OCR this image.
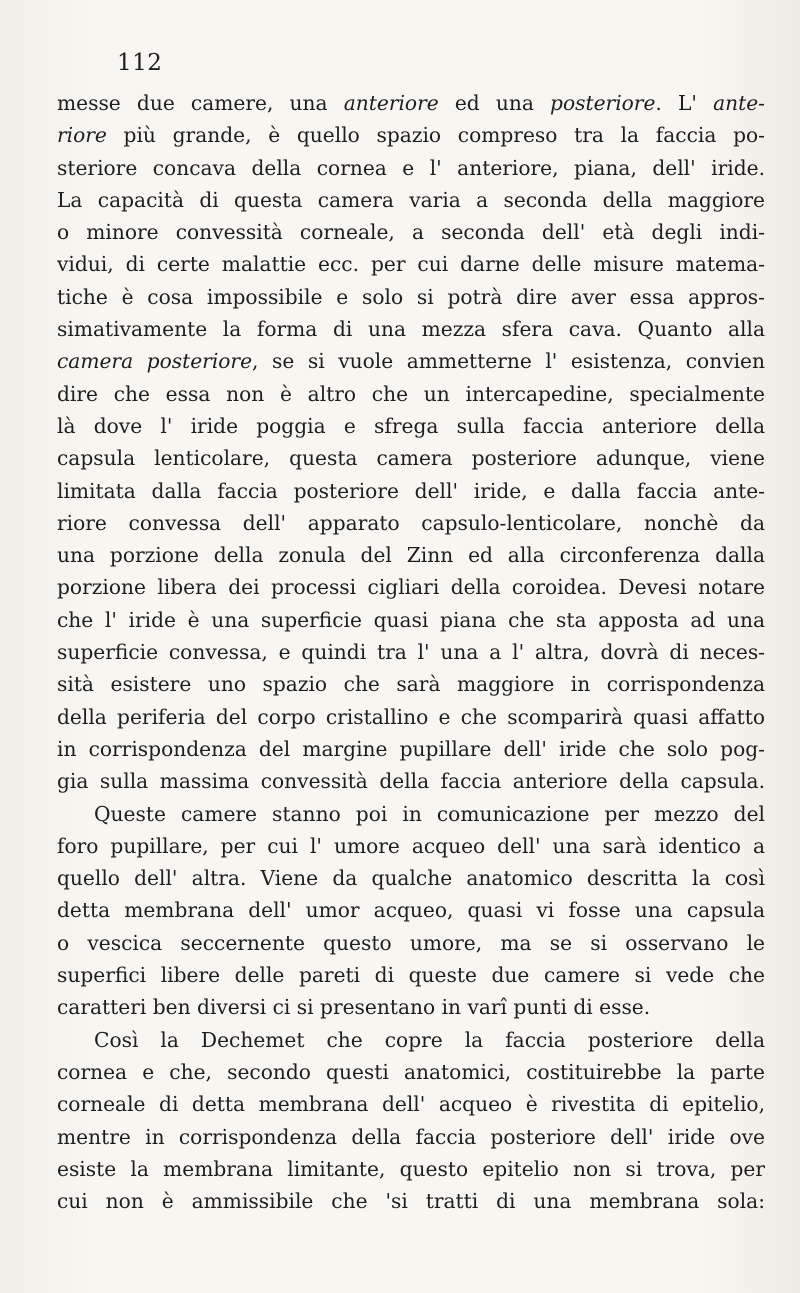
112
messe due camere, una anteriore ed una posteriore. L' ante-
riore più grande, è quello spazio compreso tra la faccia po-
steriore concava della cornea e l' anteriore, piana, dell' iride.
La capacità di questa camera varia a seconda della maggiore
o minore convessità corneale, a seconda dell' età degli indi-
vidui, di certe malattie ecc. per cui darne delle misure matema-
tiche è cosa impossibile e solo si potrà dire aver essa appros-
simativamente la forma di una mezza sfera cava. Quanto alla
camera posteriore, se si vuole ammetterne l' esistenza, convien
dire che essa non è altro che un intercapedine, specialmente
là dove l' iride poggia e sfrega sulla faccia anteriore della
capsula lenticolare, questa camera posteriore adunque, viene
limitata dalla faccia posteriore dell' iride, e dalla faccia ante-
riore convessa dell' apparato capsulo-lenticolare, nonchè da
una porzione della zonula del Zinn ed alla circonferenza dalla
porzione libera dei processi cigliari della coroidea. Devesi notare
che l' iride è una superficie quasi piana che sta apposta ad una
superficie convessa, e quindi tra l' una a l' altra, dovrà di neces-
sità esistere uno spazio che sarà maggiore in corrispondenza
della periferia del corpo cristallino e che scomparirà quasi affatto
in corrispondenza del margine pupillare dell' iride che solo pog-
gia sulla massima convessità della faccia anteriore della capsula.
Queste camere stanno poi in comunicazione per mezzo del
foro pupillare, per cui l' umore acqueo dell' una sarà identico a
quello dell' altra. Viene da qualche anatomico descritta la così
detta membrana dell' umor acqueo, quasi vi fosse una capsula
o vescica seccernente questo umore, ma se si osservano le
superfici libere delle pareti di queste due camere si vede che
caratteri ben diversi ci si presentano in varî punti di esse.
Così la Dechemet che copre la faccia posteriore della
cornea e che, secondo questi anatomici, costituirebbe la parte
corneale di detta membrana dell' acqueo è rivestita di epitelio,
mentre in corrispondenza della faccia posteriore dell' iride ove
esiste la membrana limitante, questo epitelio non si trova, per
cui non è ammissibile che 'si tratti di una membrana sola:
